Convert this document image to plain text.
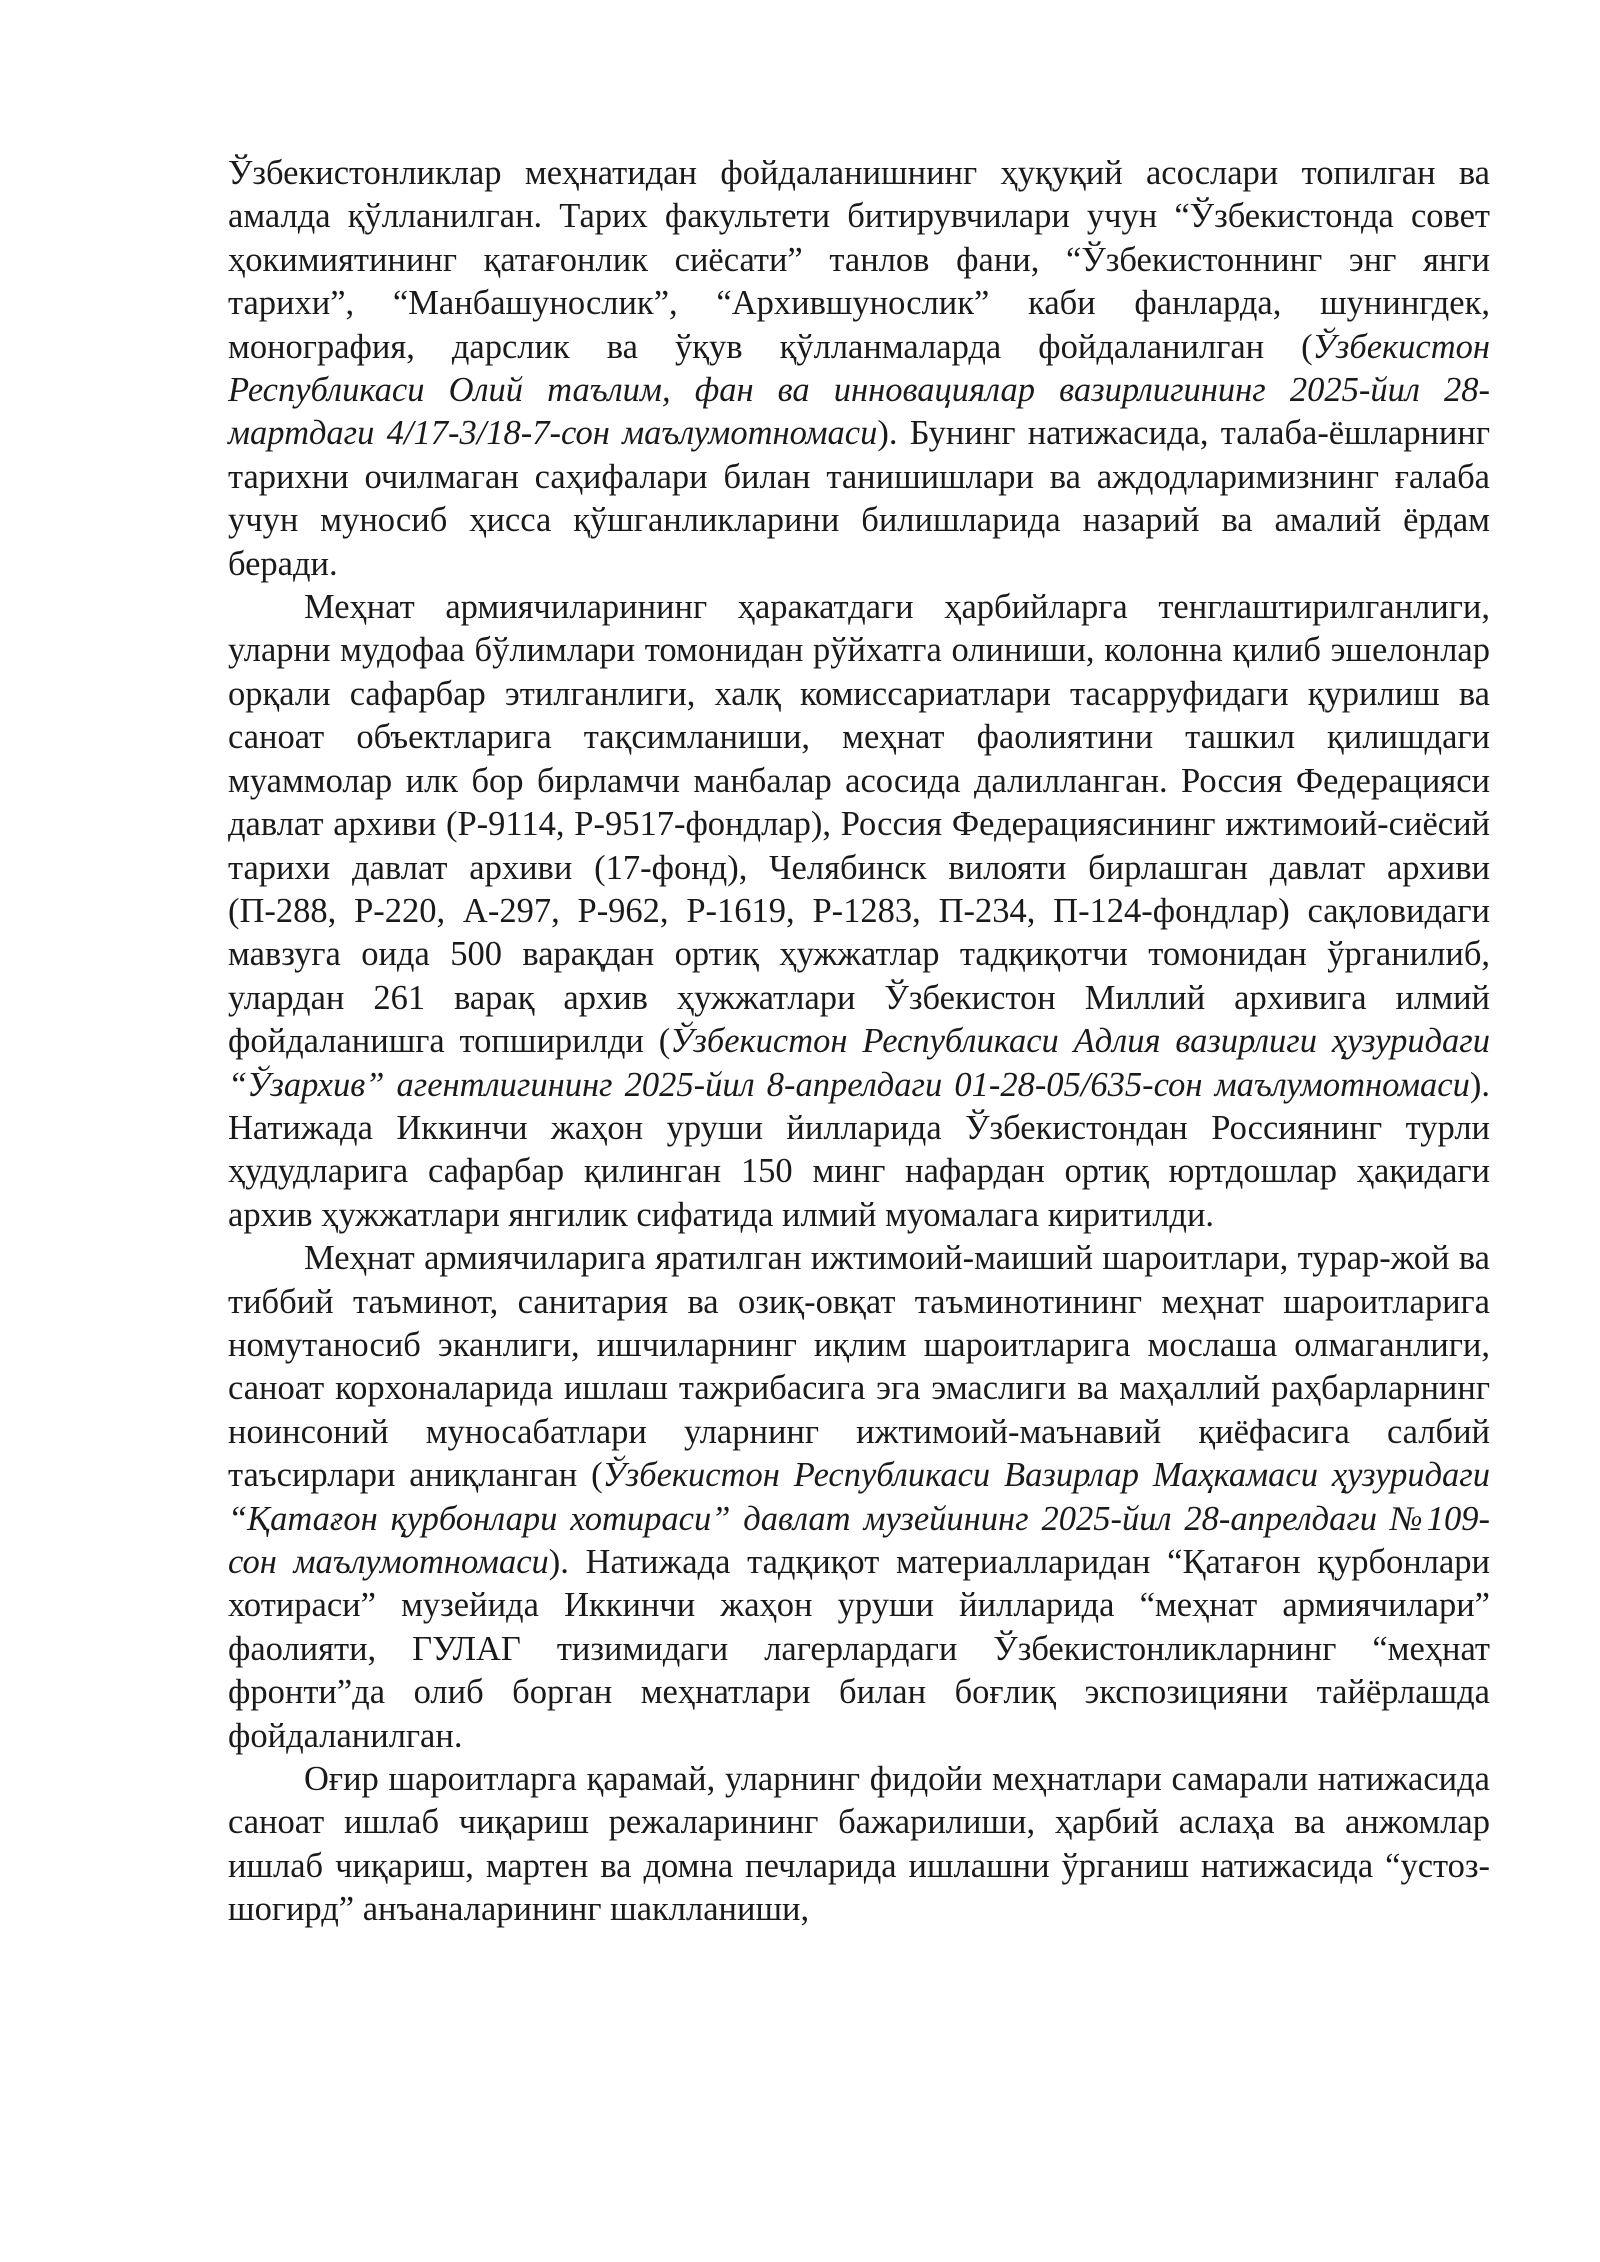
Ўзбекистонликлар меҳнатидан фойдаланишнинг ҳуқуқий асослари топилган ва амалда қўлланилган. Тарих факультети битирувчилари учун “Ўзбекистонда совет ҳокимиятининг қатағонлик сиёсати” танлов фани, “Ўзбекистоннинг энг янги тарихи”, “Манбашунослик”, “Архившунослик” каби фанларда, шунингдек, монография, дарслик ва ўқув қўлланмаларда фойдаланилган (Ўзбекистон Республикаси Олий таълим, фан ва инновациялар вазирлигининг 2025-йил 28-мартдаги 4/17-3/18-7-сон маълумотномаси). Бунинг натижасида, талаба-ёшларнинг тарихни очилмаган саҳифалари билан танишишлари ва аждодларимизнинг ғалаба учун муносиб ҳисса қўшганликларини билишларида назарий ва амалий ёрдам беради.

Меҳнат армиячиларининг ҳаракатдаги ҳарбийларга тенглаштирилганлиги, уларни мудофаа бўлимлари томонидан рўйхатга олиниши, колонна қилиб эшелонлар орқали сафарбар этилганлиги, халқ комиссариатлари тасарруфидаги қурилиш ва саноат объектларига тақсимланиши, меҳнат фаолиятини ташкил қилишдаги муаммолар илк бор бирламчи манбалар асосида далилланган. Россия Федерацияси давлат архиви (Р-9114, Р-9517-фондлар), Россия Федерациясининг ижтимоий-сиёсий тарихи давлат архиви (17-фонд), Челябинск вилояти бирлашган давлат архиви (П-288, Р-220, А-297, Р-962, Р-1619, Р-1283, П-234, П-124-фондлар) сақловидаги мавзуга оида 500 варақдан ортиқ ҳужжатлар тадқиқотчи томонидан ўрганилиб, улардан 261 варақ архив ҳужжатлари Ўзбекистон Миллий архивига илмий фойдаланишга топширилди (Ўзбекистон Республикаси Адлия вазирлиги ҳузуридаги “Ўзархив” агентлигининг 2025-йил 8-апрелдаги 01-28-05/635-сон маълумотномаси). Натижада Иккинчи жаҳон уруши йилларида Ўзбекистондан Россиянинг турли ҳудудларига сафарбар қилинган 150 минг нафардан ортиқ юртдошлар ҳақидаги архив ҳужжатлари янгилик сифатида илмий муомалага киритилди.

Меҳнат армиячиларига яратилган ижтимоий-маиший шароитлари, турар-жой ва тиббий таъминот, санитария ва озиқ-овқат таъминотининг меҳнат шароитларига номутаносиб эканлиги, ишчиларнинг иқлим шароитларига мослаша олмаганлиги, саноат корхоналарида ишлаш тажрибасига эга эмаслиги ва маҳаллий раҳбарларнинг ноинсоний муносабатлари уларнинг ижтимоий-маънавий қиёфасига салбий таъсирлари аниқланган (Ўзбекистон Республикаси Вазирлар Маҳкамаси ҳузуридаги “Қатағон қурбонлари хотираси” давлат музейининг 2025-йил 28-апрелдаги №109-сон маълумотномаси). Натижада тадқиқот материалларидан “Қатағон қурбонлари хотираси” музейида Иккинчи жаҳон уруши йилларида “меҳнат армиячилари” фаолияти, ГУЛАГ тизимидаги лагерлардаги Ўзбекистонликларнинг “меҳнат фронти”да олиб борган меҳнатлари билан боғлиқ экспозицияни тайёрлашда фойдаланилган.

Оғир шароитларга қарамай, уларнинг фидойи меҳнатлари самарали натижасида саноат ишлаб чиқариш режаларининг бажарилиши, ҳарбий аслаҳа ва анжомлар ишлаб чиқариш, мартен ва домна печларида ишлашни ўрганиш натижасида “устоз-шогирд” анъаналарининг шаклланиши,
